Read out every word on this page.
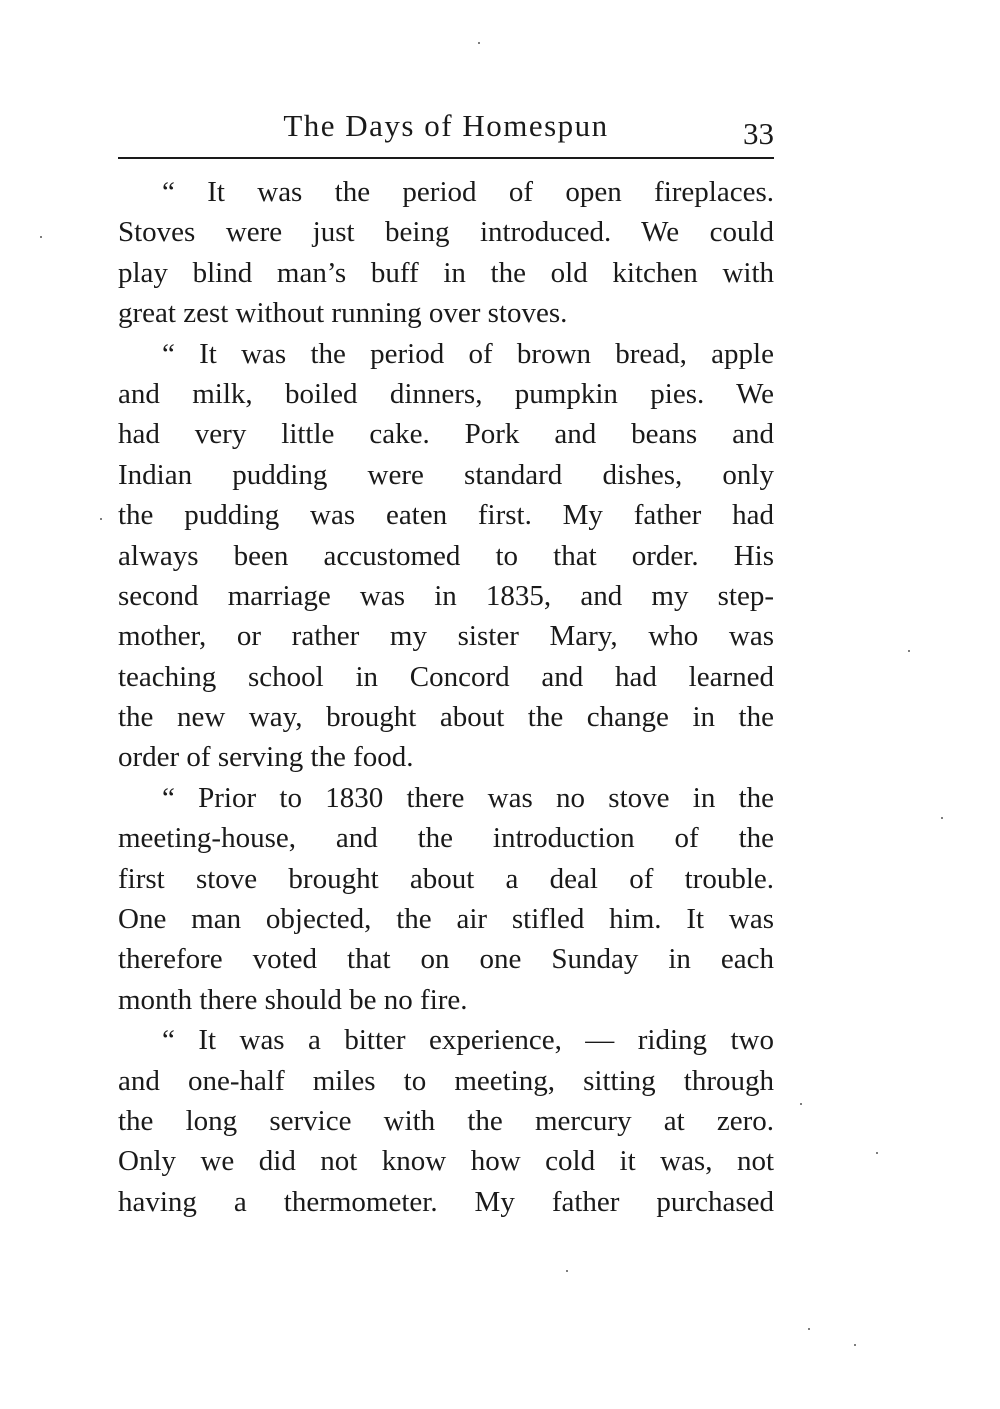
The Days of Homespun	33
“ It was the period of open fireplaces.
Stoves were just being introduced. We could
play blind man’s buff in the old kitchen with
great zest without running over stoves.
“ It was the period of brown bread, apple
and milk, boiled dinners, pumpkin pies. We
had very little cake. Pork and beans and
Indian pudding were standard dishes, only
the pudding was eaten first. My father had
always been accustomed to that order. His
second marriage was in 1835, and my step-
mother, or rather my sister Mary, who was
teaching school in Concord and had learned
the new way, brought about the change in the
order of serving the food.
“ Prior to 1830 there was no stove in the
meeting-house, and the introduction of the
first stove brought about a deal of trouble.
One man objected, the air stifled him. It was
therefore voted that on one Sunday in each
month there should be no fire.
“ It was a bitter experience, — riding two
and one-half miles to meeting, sitting through
the long service with the mercury at zero.
Only we did not know how cold it was, not
having a thermometer. My father purchased
